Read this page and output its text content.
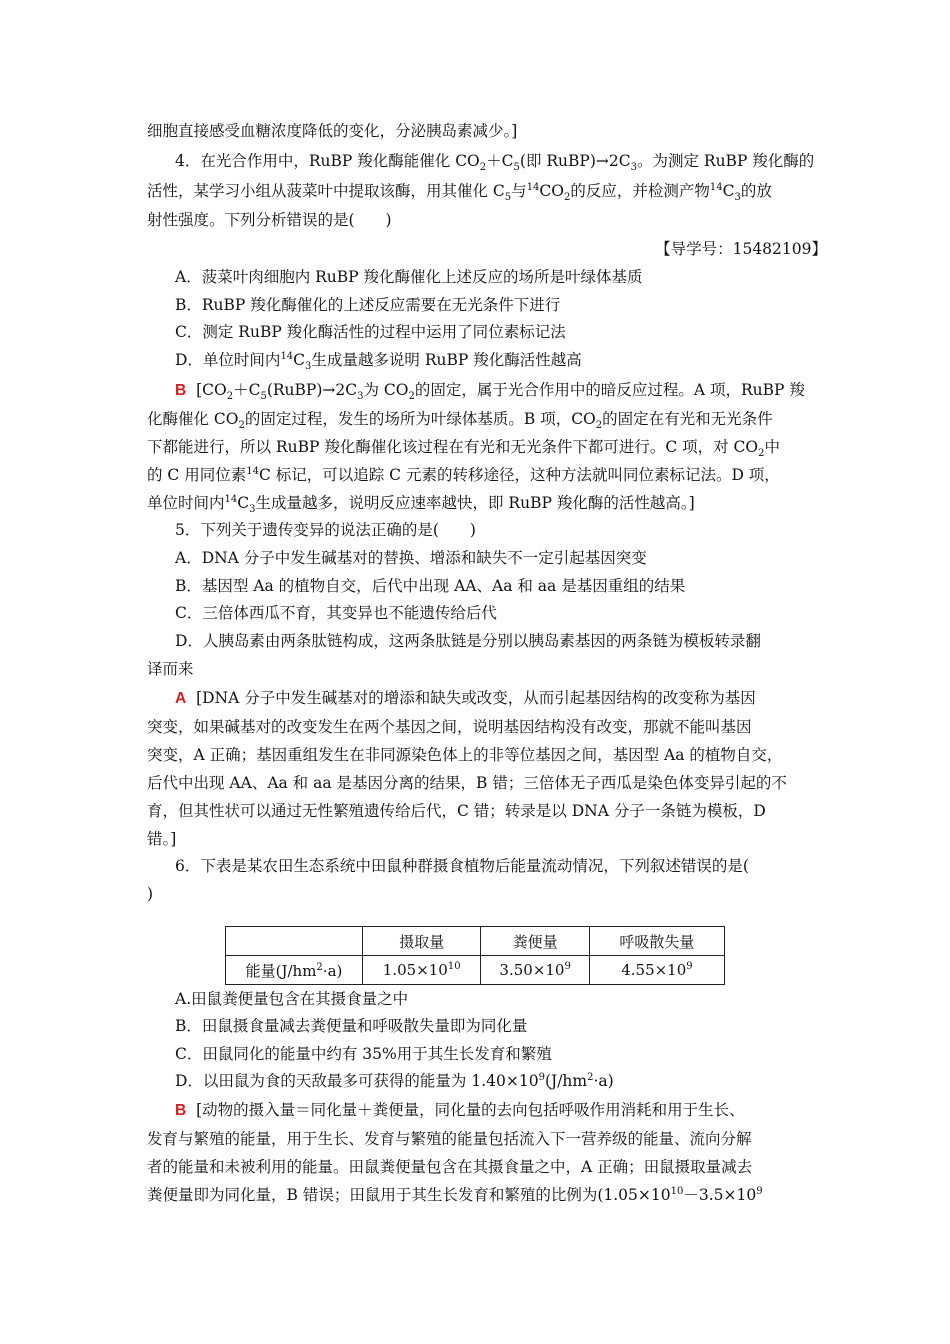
细胞直接感受血糖浓度降低的变化，分泌胰岛素减少。]
4．在光合作用中，RuBP 羧化酶能催化 $CO_2+C_5$(即 $RuBP)\to 2C_3$。为测定 RuBP 羧化酶的
活性，某学习小组从菠菜叶中提取该酶，用其催化 $C_5$与$^{14}CO_2$的反应，并检测产物$^{14}C_3$的放
射性强度。下列分析错误的是(　　)
【导学号：15482109】
A．菠菜叶肉细胞内 RuBP 羧化酶催化上述反应的场所是叶绿体基质
B．RuBP 羧化酶催化的上述反应需要在无光条件下进行
C．测定 RuBP 羧化酶活性的过程中运用了同位素标记法
D．单位时间内$^{14}C_3$生成量越多说明 RuBP 羧化酶活性越高
B [$CO_2+C_5(RuBP)\to 2C_3$为 $CO_2$的固定，属于光合作用中的暗反应过程。A 项，RuBP 羧
化酶催化 $CO_2$的固定过程，发生的场所为叶绿体基质。B 项，$CO_2$的固定在有光和无光条件
下都能进行，所以 RuBP 羧化酶催化该过程在有光和无光条件下都可进行。C 项，对 $CO_2$中
的 C 用同位素$^{14}$C 标记，可以追踪 C 元素的转移途径，这种方法就叫同位素标记法。D 项，
单位时间内$^{14}C_3$生成量越多，说明反应速率越快，即 RuBP 羧化酶的活性越高。]
5．下列关于遗传变异的说法正确的是(　　)
A．DNA 分子中发生碱基对的替换、增添和缺失不一定引起基因突变
B．基因型 Aa 的植物自交，后代中出现 AA、Aa 和 aa 是基因重组的结果
C．三倍体西瓜不育，其变异也不能遗传给后代
D．人胰岛素由两条肽链构成，这两条肽链是分别以胰岛素基因的两条链为模板转录翻
译而来
A [DNA 分子中发生碱基对的增添和缺失或改变，从而引起基因结构的改变称为基因
突变，如果碱基对的改变发生在两个基因之间，说明基因结构没有改变，那就不能叫基因
突变，A 正确；基因重组发生在非同源染色体上的非等位基因之间，基因型 Aa 的植物自交，
后代中出现 AA、Aa 和 aa 是基因分离的结果，B 错；三倍体无子西瓜是染色体变异引起的不
育，但其性状可以通过无性繁殖遗传给后代，C 错；转录是以 DNA 分子一条链为模板，D
错。]
6．下表是某农田生态系统中田鼠种群摄食植物后能量流动情况，下列叙述错误的是(
)
	摄取量	粪便量	呼吸散失量
能量$(J/hm^2\cdot a)$	$1.05\times 10^{10}$	$3.50\times 10^9$	$4.55\times 10^9$
A.田鼠粪便量包含在其摄食量之中
B．田鼠摄食量减去粪便量和呼吸散失量即为同化量
C．田鼠同化的能量中约有 35%用于其生长发育和繁殖
D．以田鼠为食的天敌最多可获得的能量为 $1.40\times 10^9(J/hm^2\cdot a)$
B [动物的摄入量＝同化量＋粪便量，同化量的去向包括呼吸作用消耗和用于生长、
发育与繁殖的能量，用于生长、发育与繁殖的能量包括流入下一营养级的能量、流向分解
者的能量和未被利用的能量。田鼠粪便量包含在其摄食量之中，A 正确；田鼠摄取量减去
粪便量即为同化量，B 错误；田鼠用于其生长发育和繁殖的比例为($1.05\times 10^{10}-3.5\times 10^9$
